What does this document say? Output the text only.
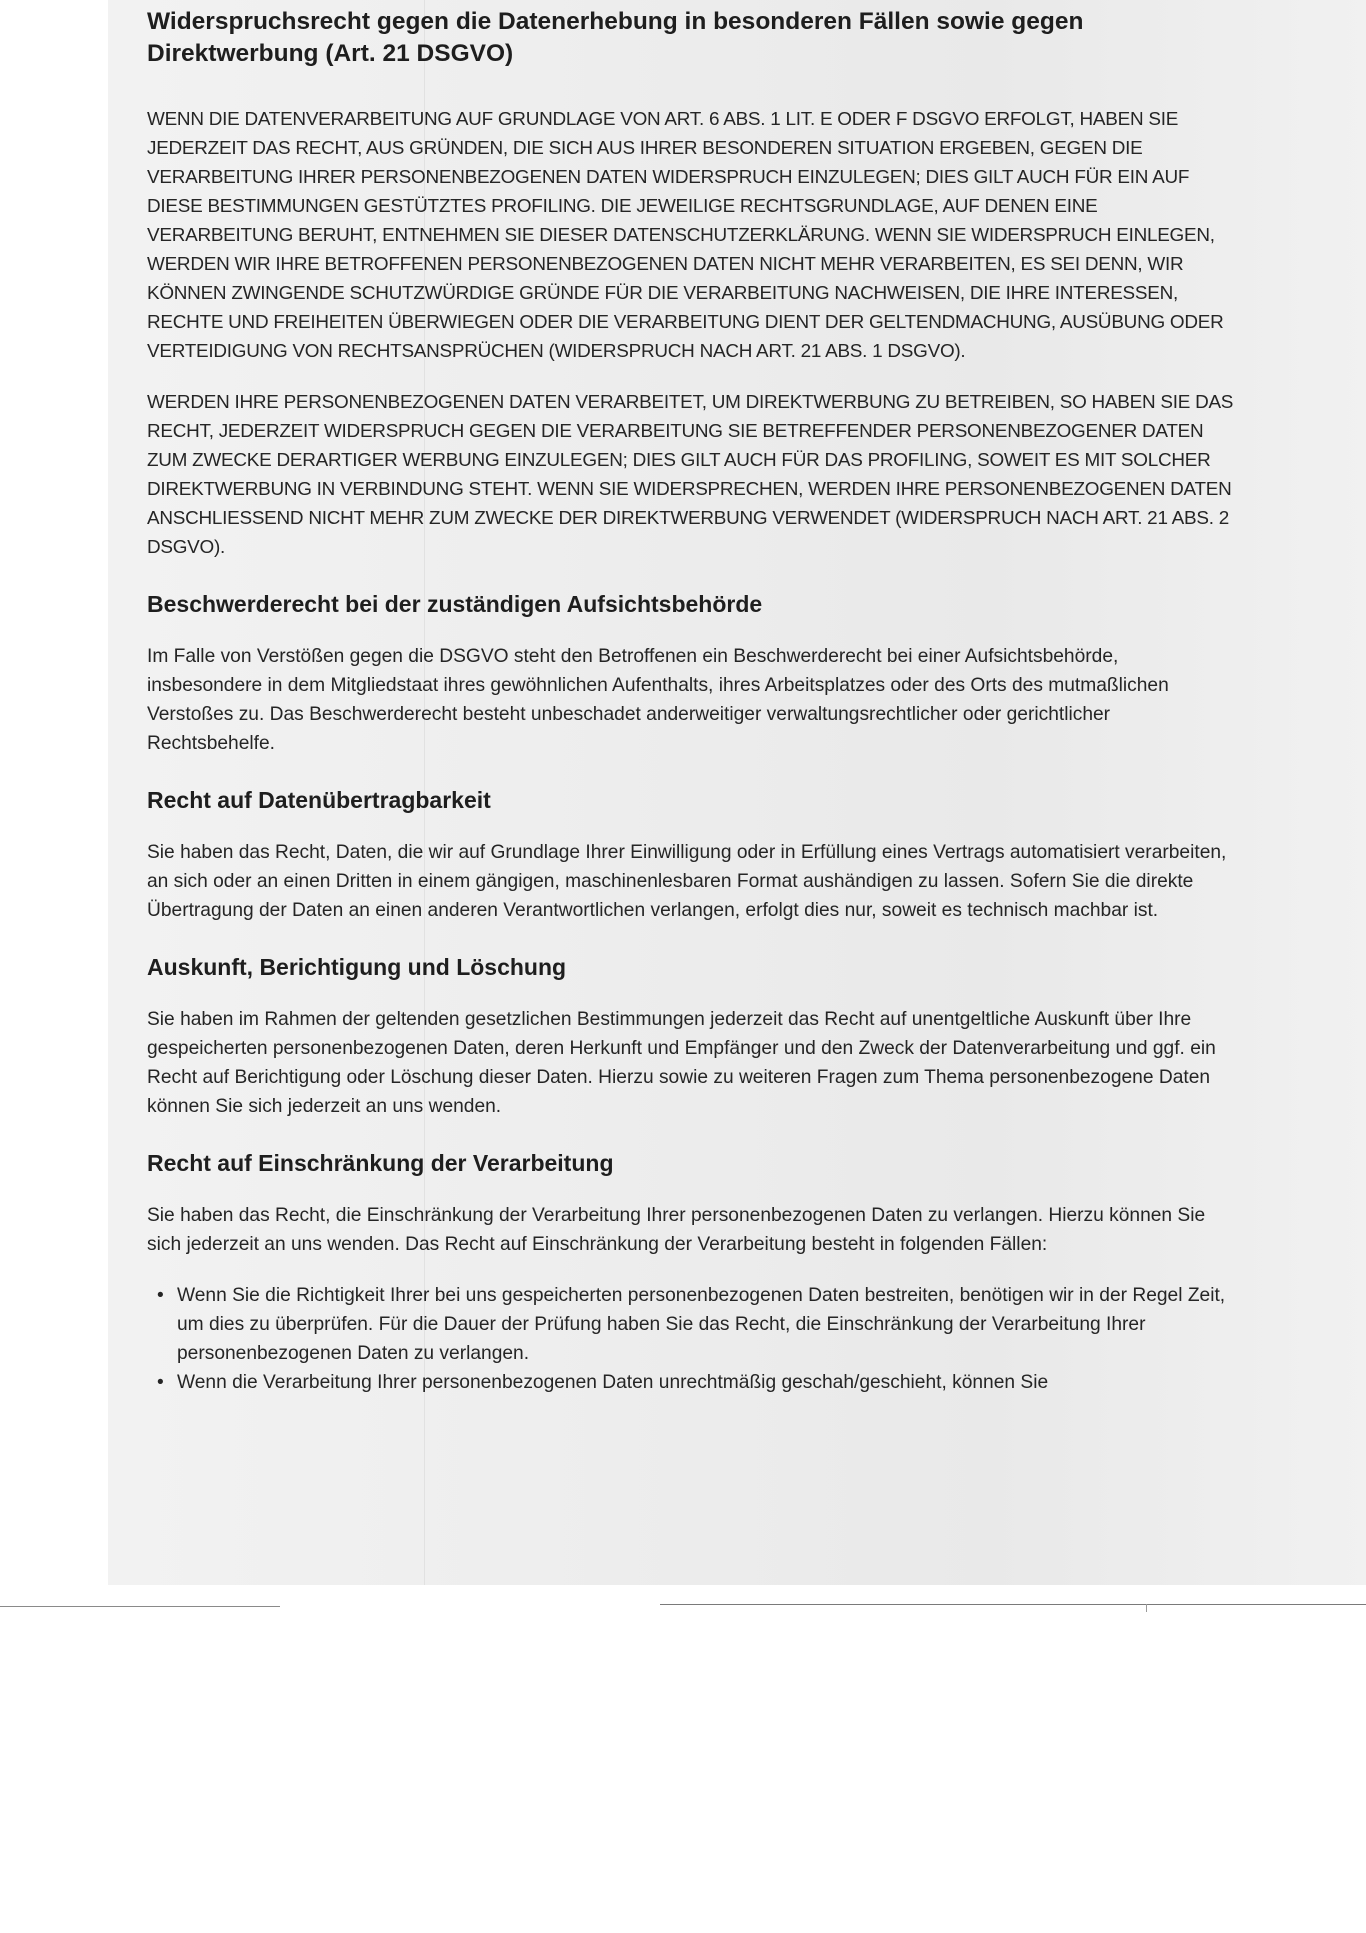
Widerspruchsrecht gegen die Datenerhebung in besonderen Fällen sowie gegen Direktwerbung (Art. 21 DSGVO)

WENN DIE DATENVERARBEITUNG AUF GRUNDLAGE VON ART. 6 ABS. 1 LIT. E ODER F DSGVO ERFOLGT, HABEN SIE JEDERZEIT DAS RECHT, AUS GRÜNDEN, DIE SICH AUS IHRER BESONDEREN SITUATION ERGEBEN, GEGEN DIE VERARBEITUNG IHRER PERSONENBEZOGENEN DATEN WIDERSPRUCH EINZULEGEN; DIES GILT AUCH FÜR EIN AUF DIESE BESTIMMUNGEN GESTÜTZTES PROFILING. DIE JEWEILIGE RECHTSGRUNDLAGE, AUF DENEN EINE VERARBEITUNG BERUHT, ENTNEHMEN SIE DIESER DATENSCHUTZERKLÄRUNG. WENN SIE WIDERSPRUCH EINLEGEN, WERDEN WIR IHRE BETROFFENEN PERSONENBEZOGENEN DATEN NICHT MEHR VERARBEITEN, ES SEI DENN, WIR KÖNNEN ZWINGENDE SCHUTZWÜRDIGE GRÜNDE FÜR DIE VERARBEITUNG NACHWEISEN, DIE IHRE INTERESSEN, RECHTE UND FREIHEITEN ÜBERWIEGEN ODER DIE VERARBEITUNG DIENT DER GELTENDMACHUNG, AUSÜBUNG ODER VERTEIDIGUNG VON RECHTSANSPRÜCHEN (WIDERSPRUCH NACH ART. 21 ABS. 1 DSGVO).

WERDEN IHRE PERSONENBEZOGENEN DATEN VERARBEITET, UM DIREKTWERBUNG ZU BETREIBEN, SO HABEN SIE DAS RECHT, JEDERZEIT WIDERSPRUCH GEGEN DIE VERARBEITUNG SIE BETREFFENDER PERSONENBEZOGENER DATEN ZUM ZWECKE DERARTIGER WERBUNG EINZULEGEN; DIES GILT AUCH FÜR DAS PROFILING, SOWEIT ES MIT SOLCHER DIREKTWERBUNG IN VERBINDUNG STEHT. WENN SIE WIDERSPRECHEN, WERDEN IHRE PERSONENBEZOGENEN DATEN ANSCHLIESSEND NICHT MEHR ZUM ZWECKE DER DIREKTWERBUNG VERWENDET (WIDERSPRUCH NACH ART. 21 ABS. 2 DSGVO).

Beschwerderecht bei der zuständigen Aufsichtsbehörde

Im Falle von Verstößen gegen die DSGVO steht den Betroffenen ein Beschwerderecht bei einer Aufsichtsbehörde, insbesondere in dem Mitgliedstaat ihres gewöhnlichen Aufenthalts, ihres Arbeitsplatzes oder des Orts des mutmaßlichen Verstoßes zu. Das Beschwerderecht besteht unbeschadet anderweitiger verwaltungsrechtlicher oder gerichtlicher Rechtsbehelfe.

Recht auf Datenübertragbarkeit

Sie haben das Recht, Daten, die wir auf Grundlage Ihrer Einwilligung oder in Erfüllung eines Vertrags automatisiert verarbeiten, an sich oder an einen Dritten in einem gängigen, maschinenlesbaren Format aushändigen zu lassen. Sofern Sie die direkte Übertragung der Daten an einen anderen Verantwortlichen verlangen, erfolgt dies nur, soweit es technisch machbar ist.

Auskunft, Berichtigung und Löschung

Sie haben im Rahmen der geltenden gesetzlichen Bestimmungen jederzeit das Recht auf unentgeltliche Auskunft über Ihre gespeicherten personenbezogenen Daten, deren Herkunft und Empfänger und den Zweck der Datenverarbeitung und ggf. ein Recht auf Berichtigung oder Löschung dieser Daten. Hierzu sowie zu weiteren Fragen zum Thema personenbezogene Daten können Sie sich jederzeit an uns wenden.

Recht auf Einschränkung der Verarbeitung

Sie haben das Recht, die Einschränkung der Verarbeitung Ihrer personenbezogenen Daten zu verlangen. Hierzu können Sie sich jederzeit an uns wenden. Das Recht auf Einschränkung der Verarbeitung besteht in folgenden Fällen:

• Wenn Sie die Richtigkeit Ihrer bei uns gespeicherten personenbezogenen Daten bestreiten, benötigen wir in der Regel Zeit, um dies zu überprüfen. Für die Dauer der Prüfung haben Sie das Recht, die Einschränkung der Verarbeitung Ihrer personenbezogenen Daten zu verlangen.
• Wenn die Verarbeitung Ihrer personenbezogenen Daten unrechtmäßig geschah/geschieht, können Sie
